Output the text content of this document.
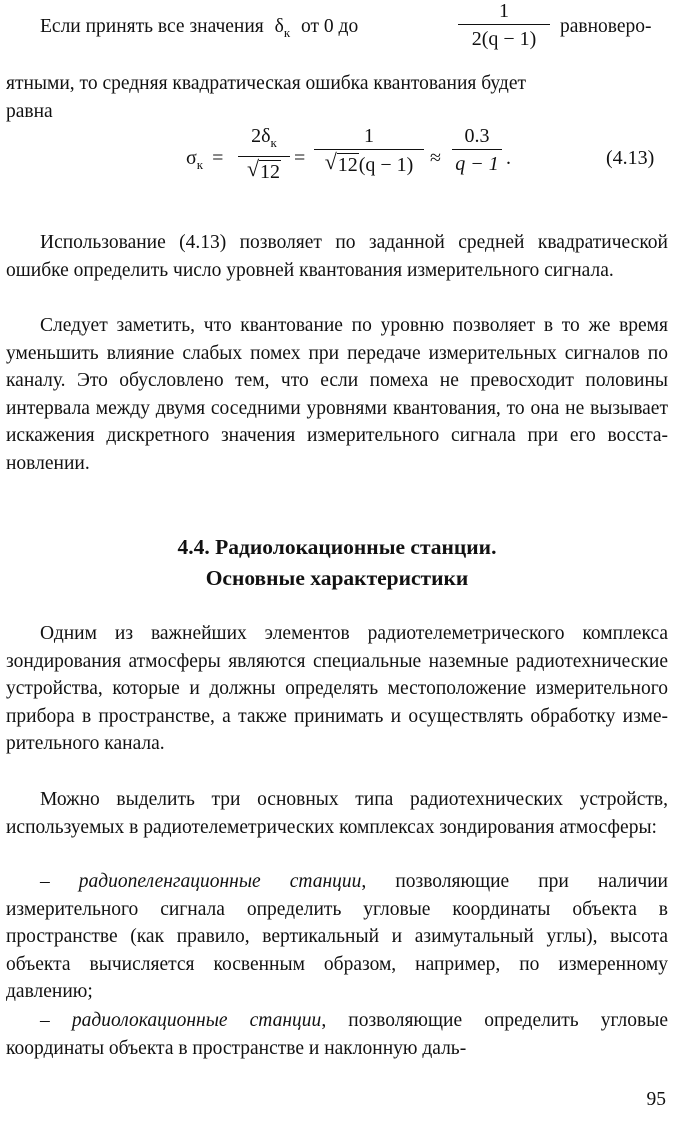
Если принять все значения $\delta_к$ от 0 до
1
2(q − 1)
равноверо-
ятными, то средняя квадратическая ошибка квантования будет
равна
$\sigma_к$ =
$2\delta_к$
√ 12
=
1
√ 12(q − 1) ≈
0.3
q − 1 .	(4.13)

Использование (4.13) позволяет по заданной средней квадратической ошибке определить число уровней квантования измерительного сигнала.

Следует заметить, что квантование по уровню позволяет в то же время уменьшить влияние слабых помех при передаче измерительных сигналов по каналу. Это обусловлено тем, что если помеха не превосходит половины интервала между двумя соседними уровнями квантования, то она не вызывает искажения дискретного значения измерительного сигнала при его восстановлении.

4.4. Радиолокационные станции.
Основные характеристики

Одним из важнейших элементов радиотелеметрического комплекса зондирования атмосферы являются специальные наземные радиотехнические устройства, которые и должны определять местоположение измерительного прибора в пространстве, а также принимать и осуществлять обработку измерительного канала.

Можно выделить три основных типа радиотехнических устройств, используемых в радиотелеметрических комплексах зондирования атмосферы:

– радиопеленгационные станции, позволяющие при наличии измерительного сигнала определить угловые координаты объекта в пространстве (как правило, вертикальный и азимутальный углы), высота объекта вычисляется косвенным образом, например, по измеренному давлению;

– радиолокационные станции, позволяющие определить угловые координаты объекта в пространстве и наклонную даль-

95
